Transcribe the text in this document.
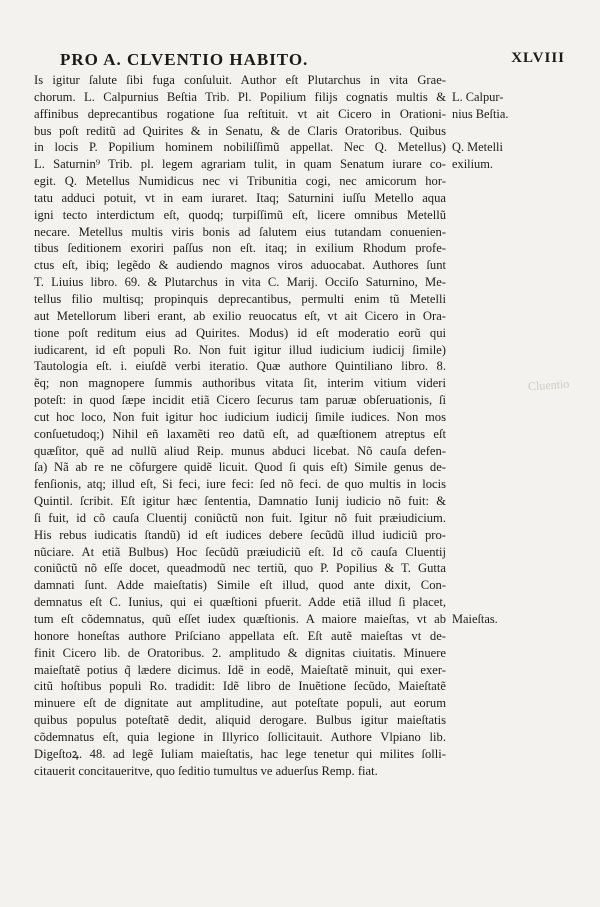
PRO A. CLVENTIO HABITO.	XLVIII
Is igitur ſalute ſibi fuga conſuluit. Author eſt Plutarchus in vita Grae-
chorum. L. Calpurnius Beſtia Trib. Pl. Popilium filijs cognatis multis &
affinibus deprecantibus rogatione ſua reſtituit. vt ait Cicero in Orationi-
bus poſt reditũ ad Quirites & in Senatu, & de Claris Oratoribus. Quibus
in locis P. Popilium hominem nobiliſſimũ appellat. Nec Q. Metellus)
L. Saturnin⁹ Trib. pl. legem agrariam tulit, in quam Senatum iurare co-
egit. Q. Metellus Numidicus nec vi Tribunitia cogi, nec amicorum hor-
tatu adduci potuit, vt in eam iuraret. Itaq; Saturnini iuſſu Metello aqua
igni tecto interdictum eſt, quodq; turpiſſimũ eſt, licere omnibus Metellũ
necare. Metellus multis viris bonis ad ſalutem eius tutandam conuenien-
tibus ſeditionem exoriri paſſus non eſt. itaq; in exilium Rhodum profe-
ctus eſt, ibiq; legẽdo & audiendo magnos viros aduocabat. Authores ſunt
T. Liuius libro. 69. & Plutarchus in vita C. Marij. Occiſo Saturnino, Me-
tellus filio multisq; propinquis deprecantibus, permulti enim tũ Metelli
aut Metellorum liberi erant, ab exilio reuocatus eſt, vt ait Cicero in Ora-
tione poſt reditum eius ad Quirites. Modus) id eſt moderatio eorũ qui
iudicarent, id eſt populi Ro. Non fuit igitur illud iudicium iudicij ſimile)
Tautologia eſt. i. eiuſdẽ verbi iteratio. Quæ authore Quintiliano libro. 8.
ẽq; non magnopere ſummis authoribus vitata ſit, interim vitium videri
poteſt: in quod ſæpe incidit etiã Cicero ſecurus tam paruæ obſeruationis, ſi
cut hoc loco, Non fuit igitur hoc iudicium iudicij ſimile iudices. Non mos
conſuetudoq;) Nihil eñ laxamẽti reo datũ eſt, ad quæſtionem atreptus eſt
quæſitor, quẽ ad nullũ aliud Reip. munus abduci licebat. Nõ cauſa defen-
ſa) Nã ab re ne cõfurgere quidẽ licuit. Quod ſi quis eſt) Simile genus de-
fenſionis, atq; illud eſt, Si feci, iure feci: ſed nõ feci. de quo multis in locis
Quintil. ſcribit. Eſt igitur hæc ſententia, Damnatio Iunij iudicio nõ fuit: &
ſi fuit, id cõ cauſa Cluentij coniũctũ non fuit. Igitur nõ fuit præiudicium.
His rebus iudicatis ſtandũ) id eſt iudices debere ſecũdũ illud iudiciũ pro-
nũciare. At etiã Bulbus) Hoc ſecũdũ præiudiciũ eſt. Id cõ cauſa Cluentij
coniũctũ nõ eſſe docet, queadmodũ nec tertiũ, quo P. Popilius & T. Gutta
damnati ſunt. Adde maieſtatis) Simile eſt illud, quod ante dixit, Con-
demnatus eſt C. Iunius, qui ei quæſtioni pfuerit. Adde etiã illud ſi placet,
tum eſt cõdemnatus, quũ eſſet iudex quæſtionis. A maiore maieſtas, vt ab
honore honeſtas authore Priſciano appellata eſt. Eſt autẽ maieſtas vt de-
finit Cicero lib. de Oratoribus. 2. amplitudo & dignitas ciuitatis. Minuere
maieſtatẽ potius q̃ lædere dicimus. Idẽ in eodẽ, Maieſtatẽ minuit, qui exer-
citũ hoſtibus populi Ro. tradidit: Idẽ libro de Inuẽtione ſecũdo, Maieſtatẽ
minuere eſt de dignitate aut amplitudine, aut poteſtate populi, aut eorum
quibus populus poteſtatẽ dedit, aliquid derogare. Bulbus igitur maieſtatis
cõdemnatus eſt, quia legione in Illyrico ſollicitauit. Authore Vlpiano lib.
Digeſtoꝝ. 48. ad legẽ Iuliam maieſtatis, hac lege tenetur qui milites ſolli-
citauerit concitaueritve, quo ſeditio tumultus ve aduerſus Remp. fiat.
L. Calpur-
nius Beſtia.
Q. Metelli
exilium.
Maieſtas.
Cluentio
